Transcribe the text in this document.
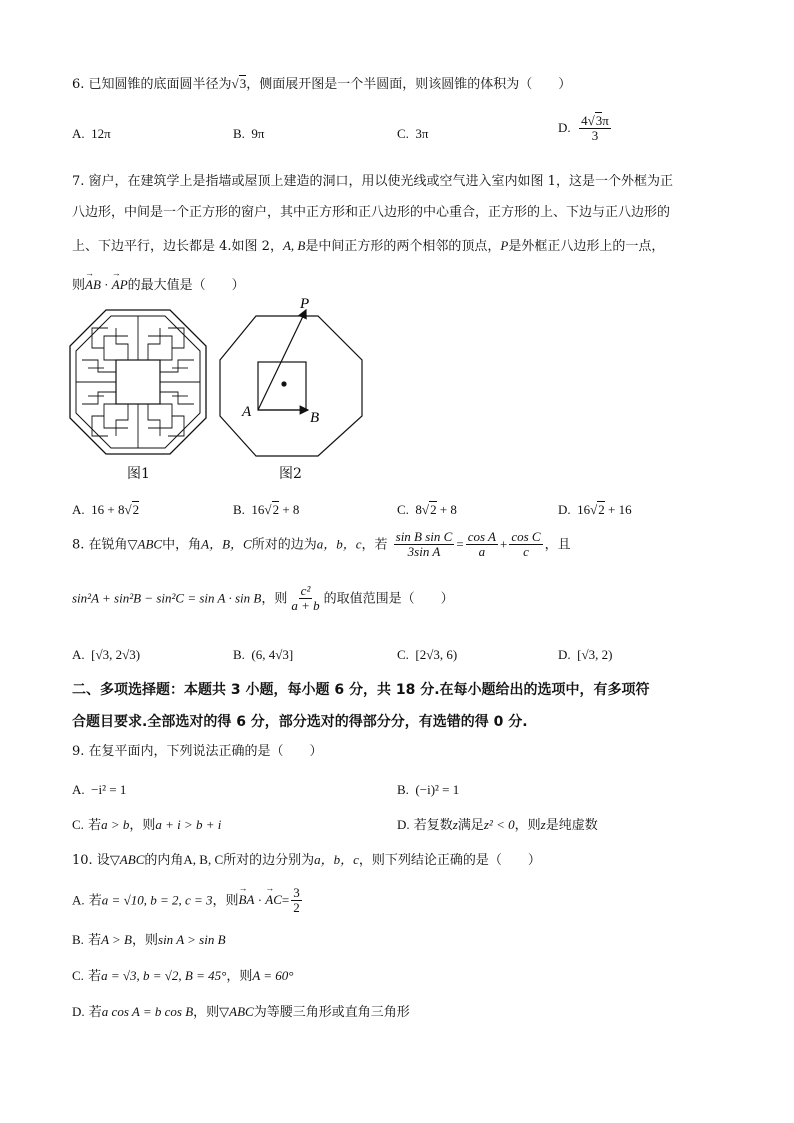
6. 已知圆锥的底面圆半径为√3，侧面展开图是一个半圆面，则该圆锥的体积为（　　）
A. 12π	B. 9π	C. 3π	D. $\frac{4√3\pi}{3}$
7. 窗户，在建筑学上是指墙或屋顶上建造的洞口，用以使光线或空气进入室内如图 1，这是一个外框为正
八边形，中间是一个正方形的窗户，其中正方形和正八边形的中心重合，正方形的上、下边与正八边形的
上、下边平行，边长都是 4.如图 2，A, B是中间正方形的两个相邻的顶点，P是外框正八边形上的一点，
则→ AB · → AP的最大值是（　　）
图1
P
A	B
图2
A. 16 + 8√2	B. 16√2 + 8	C. 8√2 + 8	D. 16√2 + 16
8. 在锐角▽ABC中，角A，B，C所对的边为a，b，c，若 $\frac{\text{sin B sin C}}{\text{3sin A}} = \frac{\text{cos A}}{a} + \frac{\text{cos C}}{c}$ ，且
sin²A + sin²B − sin²C = sin A · sin B，则 $\frac{\text{c²}}{a + b}$ 的取值范围是（　　）
A. [√3, 2√3)	B. (6, 4√3]	C. [2√3, 6)	D. [√3, 2)
二、多项选择题：本题共 3 小题，每小题 6 分，共 18 分.在每小题给出的选项中，有多项符
合题目要求.全部选对的得 6 分，部分选对的得部分分，有选错的得 0 分.
9. 在复平面内，下列说法正确的是（　　）
A. −i² = 1	B. (−i)² = 1
C. 若a > b，则a + i > b + i	D. 若复数z满足z² < 0，则z是纯虚数
10. 设▽ABC的内角A, B, C所对的边分别为a，b，c，则下列结论正确的是（　　）
A. 若a = √10, b = 2, c = 3，则→ BA · → $AC= \frac{3}{2}$
B. 若A > B，则sin A > sin B
C. 若a = √3, b = √2, B = 45°，则A = 60°
D. 若a cos A = b cos B，则▽ABC为等腰三角形或直角三角形
